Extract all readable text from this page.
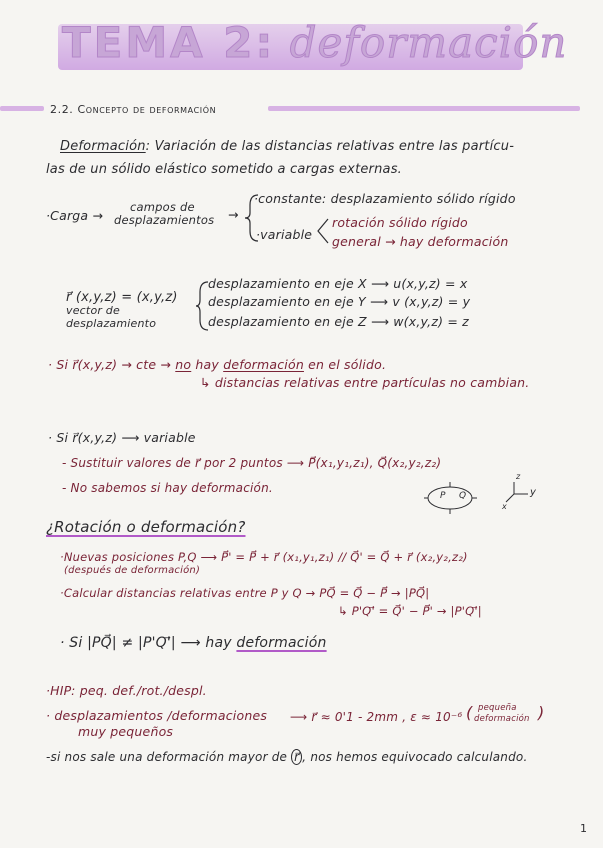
TEMA 2: deformación
2.2. Concepto de deformación
Deformación: Variación de las distancias relativas entre las partícu-
las de un sólido elástico sometido a cargas externas.
·Carga →
campos de
desplazamientos →
·constante: desplazamiento sólido rígido
·variable
rotación sólido rígido
general → hay deformación
r⃗ (x,y,z) = (x,y,z)
vector de
desplazamiento
desplazamiento en eje X ⟶ u(x,y,z) = x
desplazamiento en eje Y ⟶ v (x,y,z) = y
desplazamiento en eje Z ⟶ w(x,y,z) = z
· Si r⃗(x,y,z) → cte → no hay deformación en el sólido.
↳ distancias relativas entre partículas no cambian.
· Si r⃗(x,y,z) ⟶ variable
- Sustituir valores de r⃗ por 2 puntos ⟶ P⃗(x₁,y₁,z₁), Q⃗(x₂,y₂,z₂)
- No sabemos si hay deformación.
P Q	y
x
z
¿Rotación o deformación?
·Nuevas posiciones P,Q ⟶ P⃗' = P⃗ + r⃗ (x₁,y₁,z₁) // Q⃗' = Q⃗ + r⃗ (x₂,y₂,z₂)
(después de deformación)
·Calcular distancias relativas entre P y Q → PQ⃗ = Q⃗ − P⃗ → |PQ⃗|
↳ P'Q'⃗ = Q⃗' − P⃗' → |P'Q'⃗|
· Si |PQ⃗| ≠ |P'Q'⃗| ⟶ hay deformación
·HIP: peq. def./rot./despl.
· desplazamientos /deformaciones
muy pequeños
⟶ r⃗ ≈ 0'1 - 2mm , ε ≈ 10⁻⁶ ( pequeña
deformación )
-si nos sale una deformación mayor de r⃗ , nos hemos equivocado calculando.
1
